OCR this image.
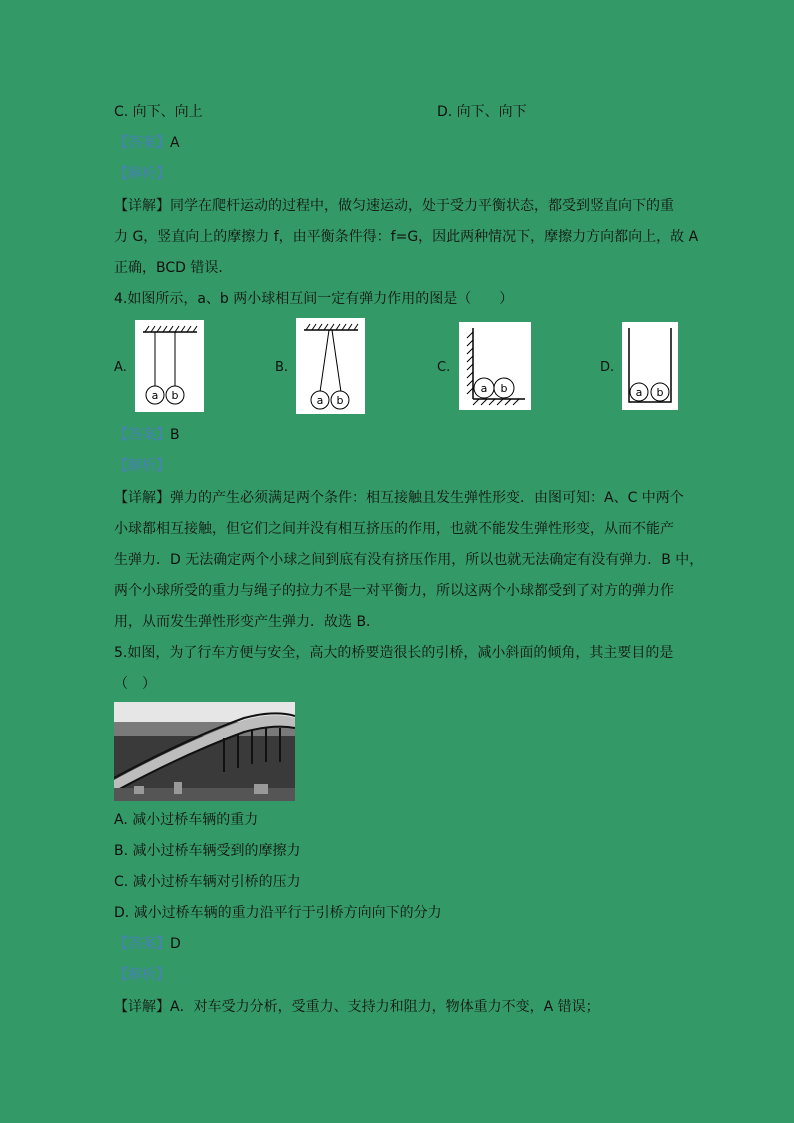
C. 向下、向上	D. 向下、向下
【答案】A
【解析】
【详解】同学在爬杆运动的过程中，做匀速运动，处于受力平衡状态，都受到竖直向下的重
力 G，竖直向上的摩擦力 f，由平衡条件得：f=G，因此两种情况下，摩擦力方向都向上，故 A
正确，BCD 错误．
4.如图所示，a、b 两小球相互间一定有弹力作用的图是（　　）
A.
a b
B.
a b
C.
a b
D.
a b
【答案】B
【解析】
【详解】弹力的产生必须满足两个条件：相互接触且发生弹性形变．由图可知：A、C 中两个
小球都相互接触，但它们之间并没有相互挤压的作用，也就不能发生弹性形变，从而不能产
生弹力．D 无法确定两个小球之间到底有没有挤压作用，所以也就无法确定有没有弹力．B 中，
两个小球所受的重力与绳子的拉力不是一对平衡力，所以这两个小球都受到了对方的弹力作
用，从而发生弹性形变产生弹力．故选 B．
5.如图，为了行车方便与安全，高大的桥要造很长的引桥，减小斜面的倾角，其主要目的是
（　）
A. 减小过桥车辆的重力
B. 减小过桥车辆受到的摩擦力
C. 减小过桥车辆对引桥的压力
D. 减小过桥车辆的重力沿平行于引桥方向向下的分力
【答案】D
【解析】
【详解】A．对车受力分析，受重力、支持力和阻力，物体重力不变，A 错误；
